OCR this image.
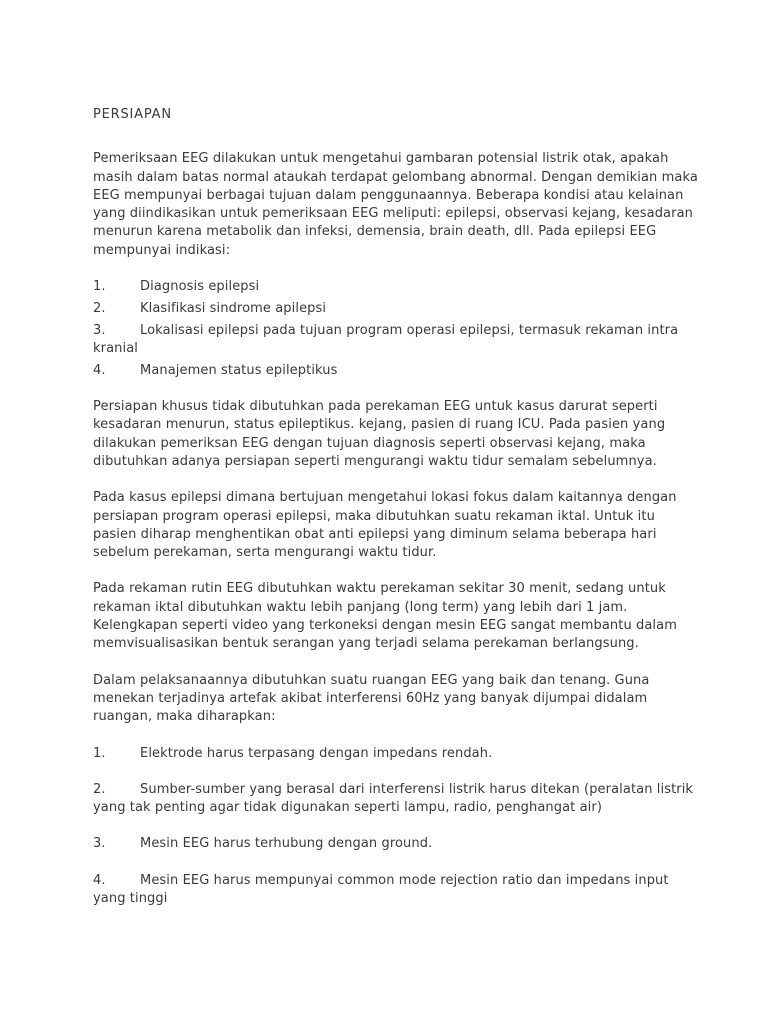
PERSIAPAN

Pemeriksaan EEG dilakukan untuk mengetahui gambaran potensial listrik otak, apakah masih dalam batas normal ataukah terdapat gelombang abnormal. Dengan demikian maka EEG mempunyai berbagai tujuan dalam penggunaannya. Beberapa kondisi atau kelainan yang diindikasikan untuk pemeriksaan EEG meliputi: epilepsi, observasi kejang, kesadaran menurun karena metabolik dan infeksi, demensia, brain death, dll. Pada epilepsi EEG mempunyai indikasi:

1.	Diagnosis epilepsi

2.	Klasifikasi sindrome apilepsi

3.	Lokalisasi epilepsi pada tujuan program operasi epilepsi, termasuk rekaman intra kranial

4.	Manajemen status epileptikus

Persiapan khusus tidak dibutuhkan pada perekaman EEG untuk kasus darurat seperti kesadaran menurun, status epileptikus. kejang, pasien di ruang ICU. Pada pasien yang dilakukan pemeriksan EEG dengan tujuan diagnosis seperti observasi kejang, maka dibutuhkan adanya persiapan seperti mengurangi waktu tidur semalam sebelumnya.

Pada kasus epilepsi dimana bertujuan mengetahui lokasi fokus dalam kaitannya dengan persiapan program operasi epilepsi, maka dibutuhkan suatu rekaman iktal. Untuk itu pasien diharap menghentikan obat anti epilepsi yang diminum selama beberapa hari sebelum perekaman, serta mengurangi waktu tidur.

Pada rekaman rutin EEG dibutuhkan waktu perekaman sekitar 30 menit, sedang untuk rekaman iktal dibutuhkan waktu lebih panjang (long term) yang lebih dari 1 jam. Kelengkapan seperti video yang terkoneksi dengan mesin EEG sangat membantu dalam memvisualisasikan bentuk serangan yang terjadi selama perekaman berlangsung.

Dalam pelaksanaannya dibutuhkan suatu ruangan EEG yang baik dan tenang. Guna menekan terjadinya artefak akibat interferensi 60Hz yang banyak dijumpai didalam ruangan, maka diharapkan:

1.	Elektrode harus terpasang dengan impedans rendah.

2.	Sumber-sumber yang berasal dari interferensi listrik harus ditekan (peralatan listrik yang tak penting agar tidak digunakan seperti lampu, radio, penghangat air)

3.	Mesin EEG harus terhubung dengan ground.

4.	Mesin EEG harus mempunyai common mode rejection ratio dan impedans input yang tinggi
